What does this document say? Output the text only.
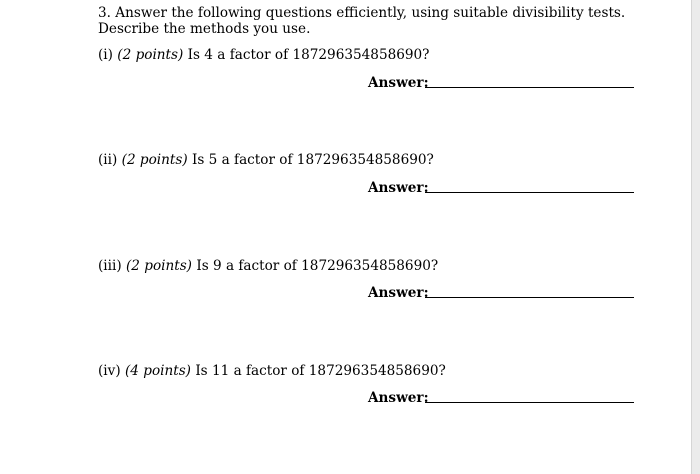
3. Answer the following questions efficiently, using suitable divisibility tests. Describe the methods you use.
(i) (2 points) Is 4 a factor of 187296354858690?
Answer:
(ii) (2 points) Is 5 a factor of 187296354858690?
Answer:
(iii) (2 points) Is 9 a factor of 187296354858690?
Answer:
(iv) (4 points) Is 11 a factor of 187296354858690?
Answer:
